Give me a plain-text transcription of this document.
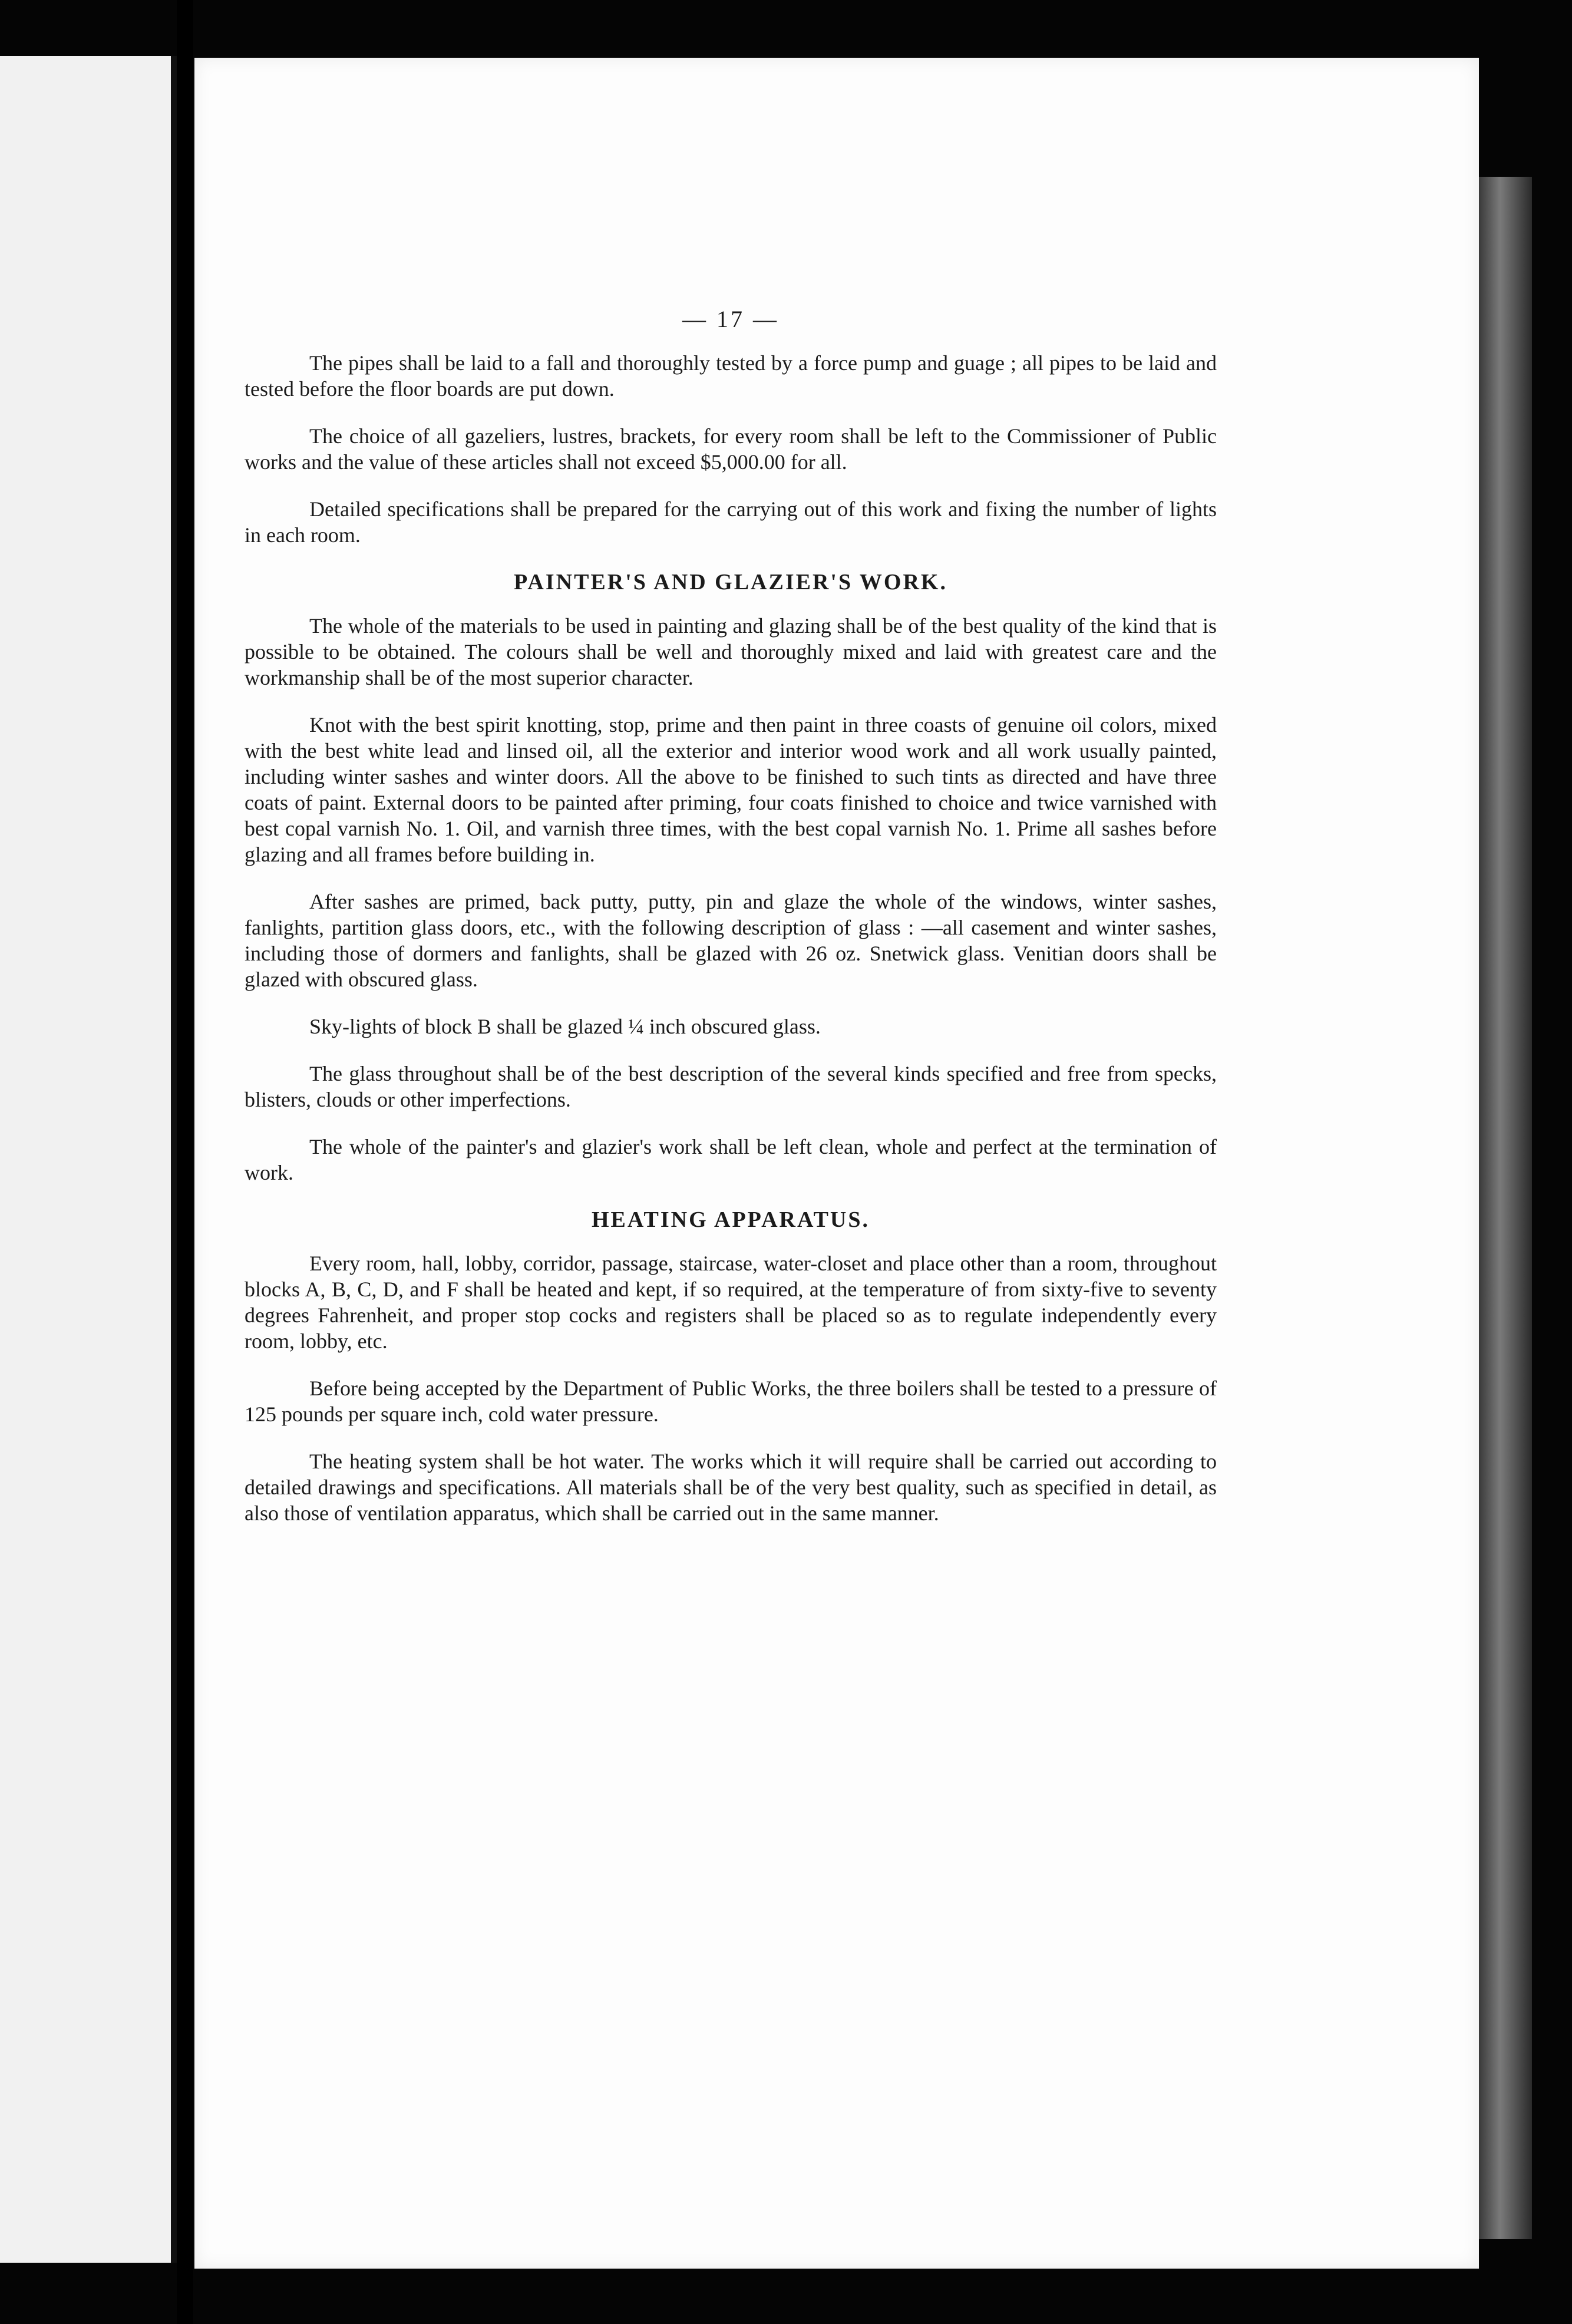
— 17 —

The pipes shall be laid to a fall and thoroughly tested by a force pump and guage ; all pipes to be laid and tested before the floor boards are put down.

The choice of all gazeliers, lustres, brackets, for every room shall be left to the Commissioner of Public works and the value of these articles shall not exceed $5,000.00 for all.

Detailed specifications shall be prepared for the carrying out of this work and fixing the number of lights in each room.

PAINTER'S AND GLAZIER'S WORK.

The whole of the materials to be used in painting and glazing shall be of the best quality of the kind that is possible to be obtained. The colours shall be well and thoroughly mixed and laid with greatest care and the workmanship shall be of the most superior character.

Knot with the best spirit knotting, stop, prime and then paint in three coasts of genuine oil colors, mixed with the best white lead and linsed oil, all the exterior and interior wood work and all work usually painted, including winter sashes and winter doors. All the above to be finished to such tints as directed and have three coats of paint. External doors to be painted after priming, four coats finished to choice and twice varnished with best copal varnish No. 1. Oil, and varnish three times, with the best copal varnish No. 1. Prime all sashes before glazing and all frames before building in.

After sashes are primed, back putty, putty, pin and glaze the whole of the windows, winter sashes, fanlights, partition glass doors, etc., with the following description of glass : —all casement and winter sashes, including those of dormers and fanlights, shall be glazed with 26 oz. Snetwick glass. Venitian doors shall be glazed with obscured glass.

Sky-lights of block B shall be glazed ¼ inch obscured glass.

The glass throughout shall be of the best description of the several kinds specified and free from specks, blisters, clouds or other imperfections.

The whole of the painter's and glazier's work shall be left clean, whole and perfect at the termination of work.

HEATING APPARATUS.

Every room, hall, lobby, corridor, passage, staircase, water-closet and place other than a room, throughout blocks A, B, C, D, and F shall be heated and kept, if so required, at the temperature of from sixty-five to seventy degrees Fahrenheit, and proper stop cocks and registers shall be placed so as to regulate independently every room, lobby, etc.

Before being accepted by the Department of Public Works, the three boilers shall be tested to a pressure of 125 pounds per square inch, cold water pressure.

The heating system shall be hot water. The works which it will require shall be carried out according to detailed drawings and specifications. All materials shall be of the very best quality, such as specified in detail, as also those of ventilation apparatus, which shall be carried out in the same manner.
